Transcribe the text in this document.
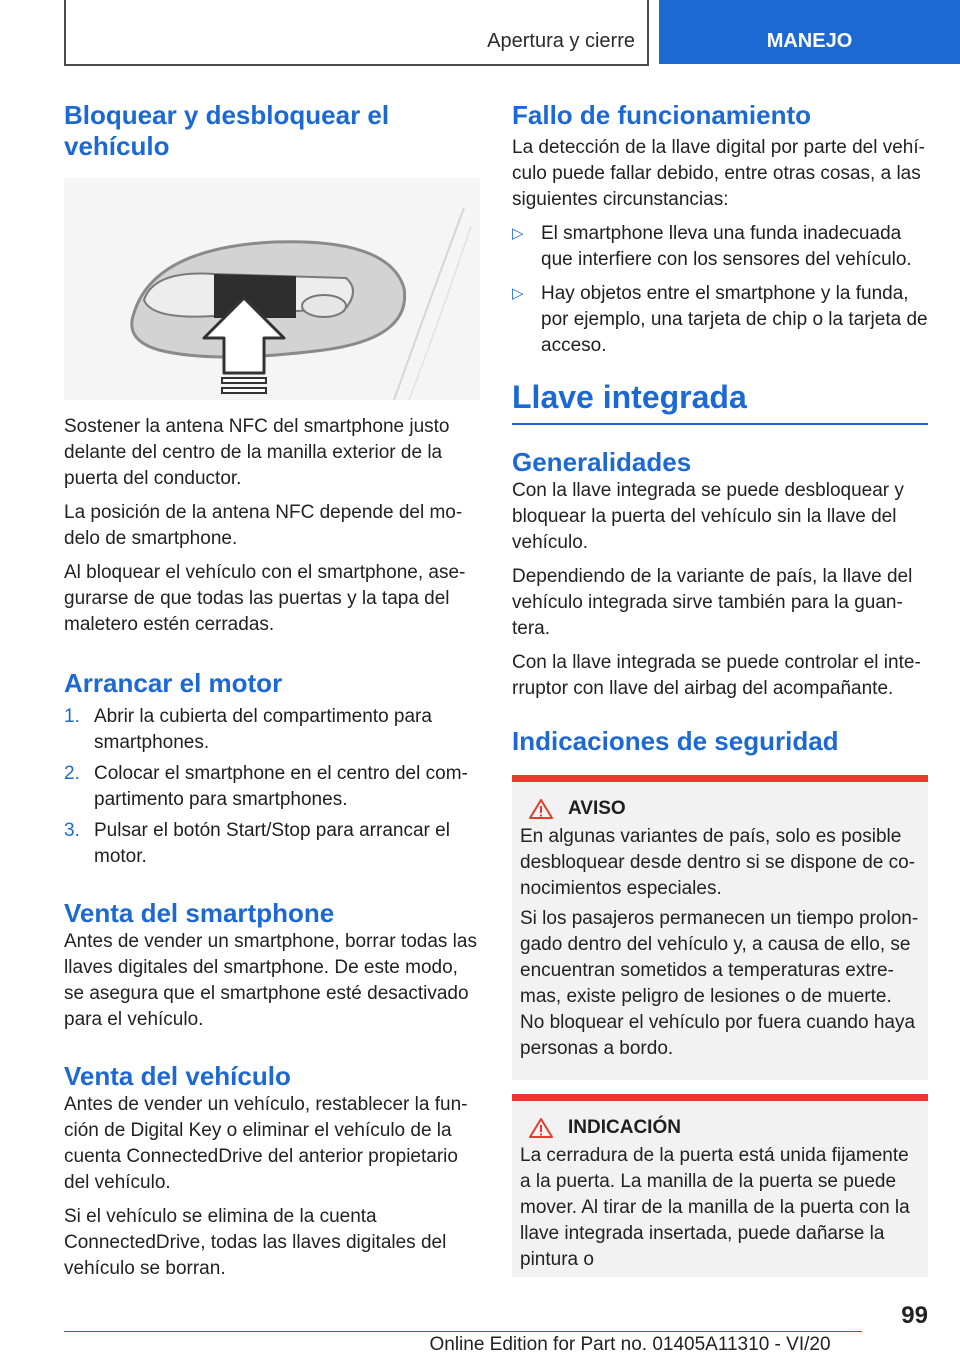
Apertura y cierre	MANEJO
Bloquear y desbloquear el vehículo

Sostener la antena NFC del smartphone justo delante del centro de la manilla exterior de la puerta del conductor.

La posición de la antena NFC depende del modelo de smartphone.

Al bloquear el vehículo con el smartphone, asegurarse de que todas las puertas y la tapa del maletero estén cerradas.

Arrancar el motor
1. Abrir la cubierta del compartimento para smartphones.
2. Colocar el smartphone en el centro del compartimento para smartphones.
3. Pulsar el botón Start/Stop para arrancar el motor.
Venta del smartphone

Antes de vender un smartphone, borrar todas las llaves digitales del smartphone. De este modo, se asegura que el smartphone esté desactivado para el vehículo.

Venta del vehículo

Antes de vender un vehículo, restablecer la función de Digital Key o eliminar el vehículo de la cuenta ConnectedDrive del anterior propietario del vehículo.

Si el vehículo se elimina de la cuenta ConnectedDrive, todas las llaves digitales del vehículo se borran.

Fallo de funcionamiento

La detección de la llave digital por parte del vehículo puede fallar debido, entre otras cosas, a las siguientes circunstancias:

▷ El smartphone lleva una funda inadecuada que interfiere con los sensores del vehículo.
▷ Hay objetos entre el smartphone y la funda, por ejemplo, una tarjeta de chip o la tarjeta de acceso.
Llave integrada
Generalidades

Con la llave integrada se puede desbloquear y bloquear la puerta del vehículo sin la llave del vehículo.

Dependiendo de la variante de país, la llave del vehículo integrada sirve también para la guantera.

Con la llave integrada se puede controlar el interruptor con llave del airbag del acompañante.

Indicaciones de seguridad
AVISO

En algunas variantes de país, solo es posible desbloquear desde dentro si se dispone de conocimientos especiales.

Si los pasajeros permanecen un tiempo prolongado dentro del vehículo y, a causa de ello, se encuentran sometidos a temperaturas extremas, existe peligro de lesiones o de muerte. No bloquear el vehículo por fuera cuando haya personas a bordo.

INDICACIÓN

La cerradura de la puerta está unida fijamente a la puerta. La manilla de la puerta se puede mover. Al tirar de la manilla de la puerta con la llave integrada insertada, puede dañarse la pintura o

99
Online Edition for Part no. 01405A11310 - VI/20
